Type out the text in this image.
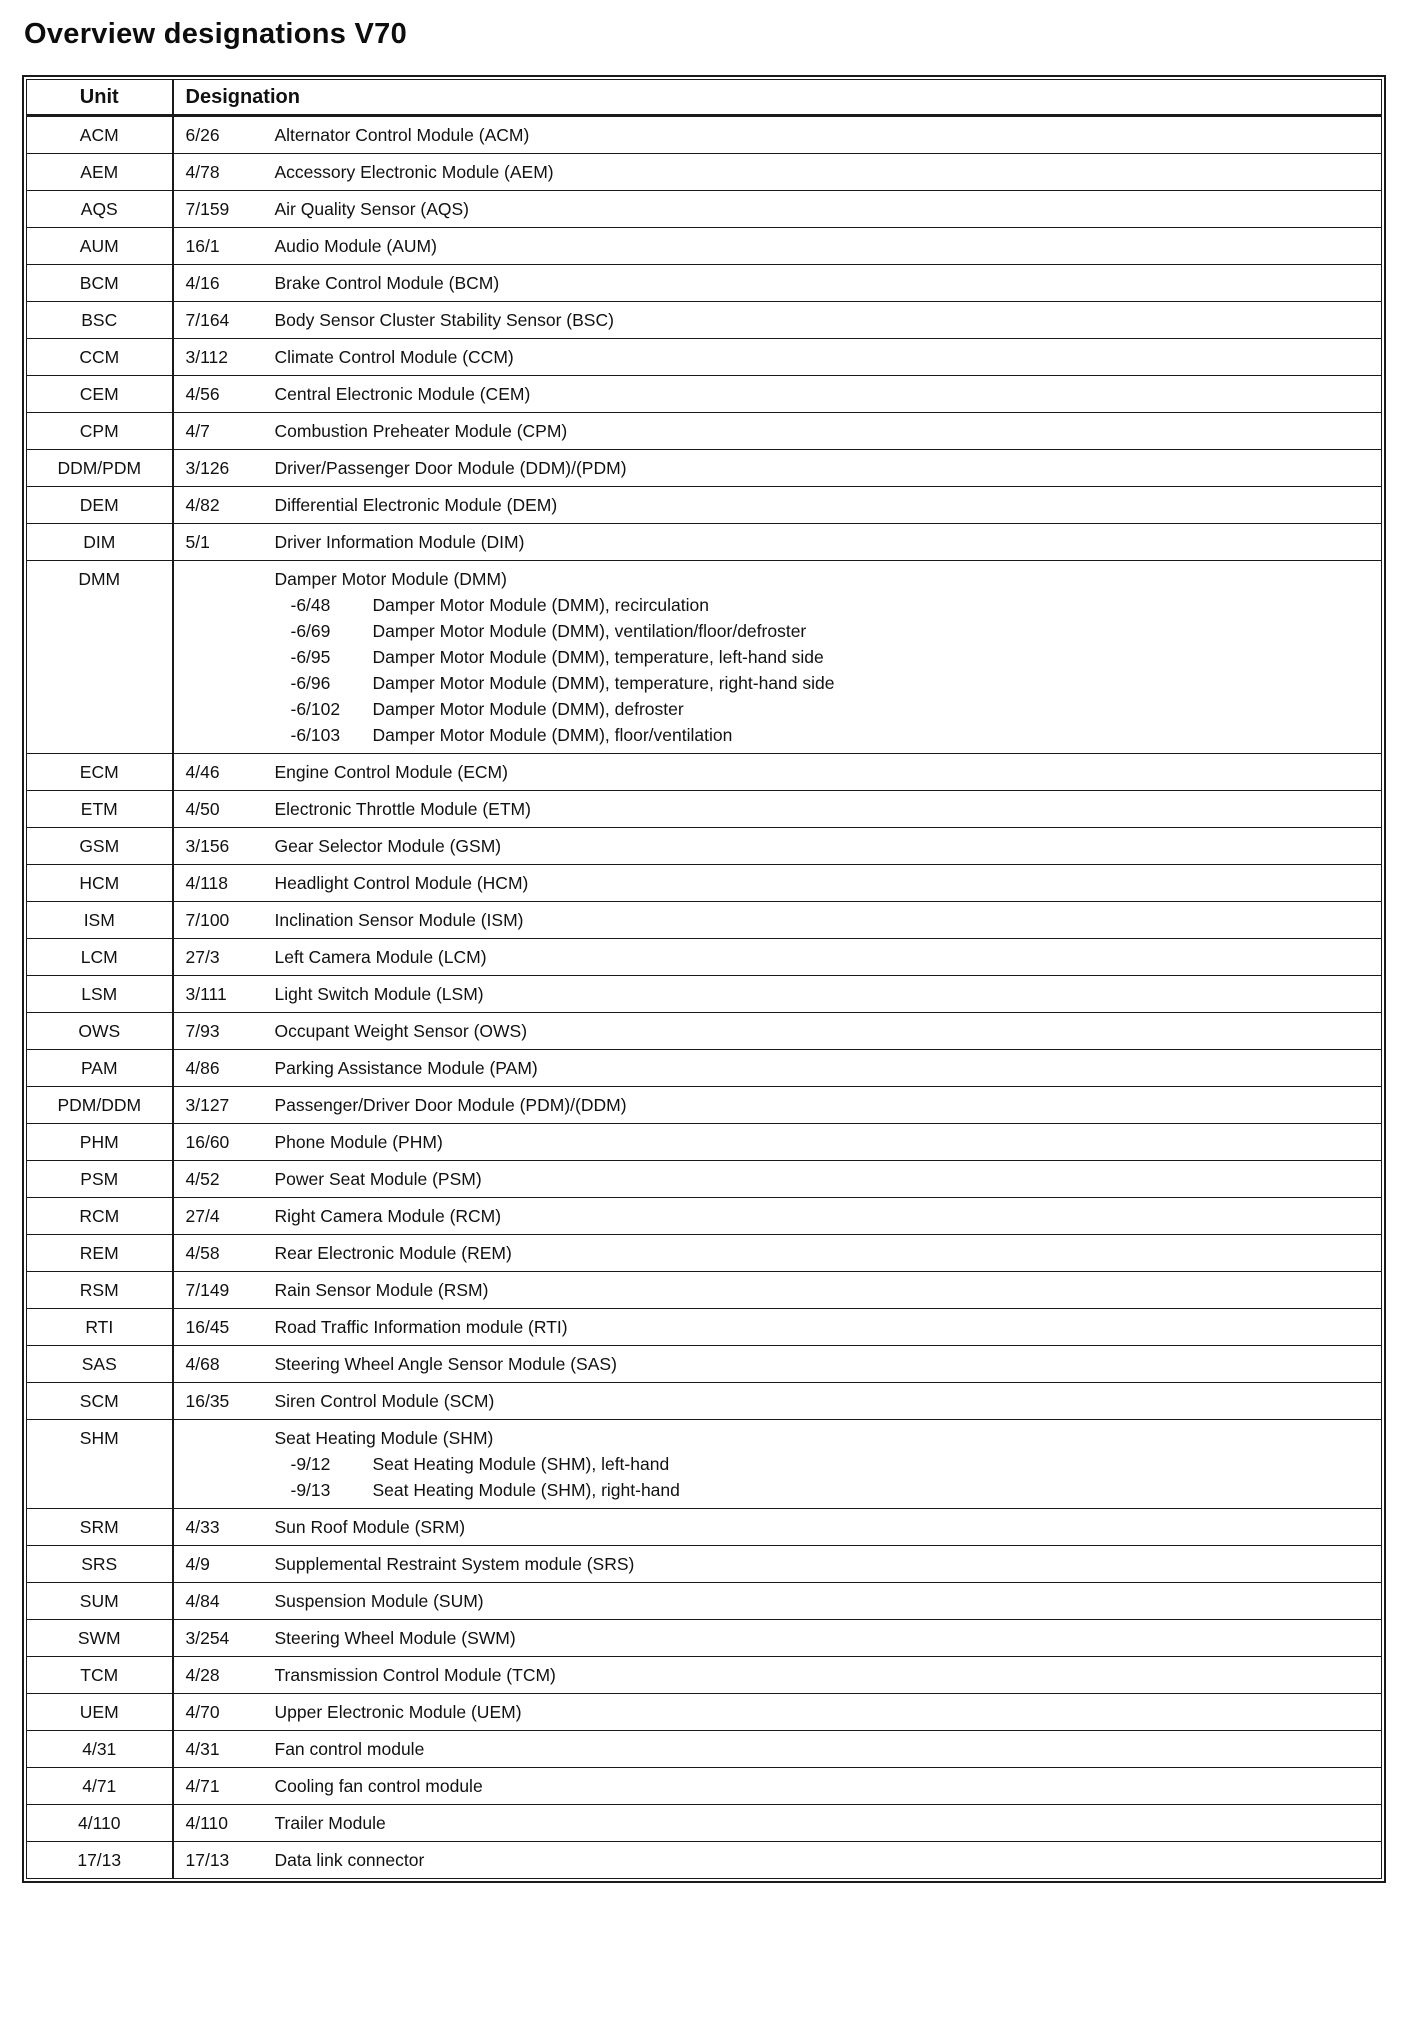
Overview designations V70
Unit	Designation	
ACM	6/26	Alternator Control Module (ACM)

AEM	4/78	Accessory Electronic Module (AEM)

AQS	7/159	Air Quality Sensor (AQS)

AUM	16/1	Audio Module (AUM)

BCM	4/16	Brake Control Module (BCM)

BSC	7/164	Body Sensor Cluster Stability Sensor (BSC)

CCM	3/112	Climate Control Module (CCM)

CEM	4/56	Central Electronic Module (CEM)

CPM	4/7	Combustion Preheater Module (CPM)

DDM/PDM	3/126	Driver/Passenger Door Module (DDM)/(PDM)

DEM	4/82	Differential Electronic Module (DEM)

DIM	5/1	Driver Information Module (DIM)

DMM		Damper Motor Module (DMM)
-6/48	Damper Motor Module (DMM), recirculation
-6/69	Damper Motor Module (DMM), ventilation/floor/defroster
-6/95	Damper Motor Module (DMM), temperature, left-hand side
-6/96	Damper Motor Module (DMM), temperature, right-hand side
-6/102	Damper Motor Module (DMM), defroster
-6/103	Damper Motor Module (DMM), floor/ventilation

ECM	4/46	Engine Control Module (ECM)

ETM	4/50	Electronic Throttle Module (ETM)

GSM	3/156	Gear Selector Module (GSM)

HCM	4/118	Headlight Control Module (HCM)

ISM	7/100	Inclination Sensor Module (ISM)

LCM	27/3	Left Camera Module (LCM)

LSM	3/111	Light Switch Module (LSM)

OWS	7/93	Occupant Weight Sensor (OWS)

PAM	4/86	Parking Assistance Module (PAM)

PDM/DDM	3/127	Passenger/Driver Door Module (PDM)/(DDM)

PHM	16/60	Phone Module (PHM)

PSM	4/52	Power Seat Module (PSM)

RCM	27/4	Right Camera Module (RCM)

REM	4/58	Rear Electronic Module (REM)

RSM	7/149	Rain Sensor Module (RSM)

RTI	16/45	Road Traffic Information module (RTI)

SAS	4/68	Steering Wheel Angle Sensor Module (SAS)

SCM	16/35	Siren Control Module (SCM)

SHM		Seat Heating Module (SHM)
-9/12 Seat Heating Module (SHM), left-hand
-9/13 Seat Heating Module (SHM), right-hand

SRM	4/33	Sun Roof Module (SRM)

SRS	4/9	Supplemental Restraint System module (SRS)

SUM	4/84	Suspension Module (SUM)

SWM	3/254	Steering Wheel Module (SWM)

TCM	4/28	Transmission Control Module (TCM)

UEM	4/70	Upper Electronic Module (UEM)

4/31	4/31	Fan control module

4/71	4/71	Cooling fan control module

4/110	4/110	Trailer Module

17/13	17/13	Data link connector
